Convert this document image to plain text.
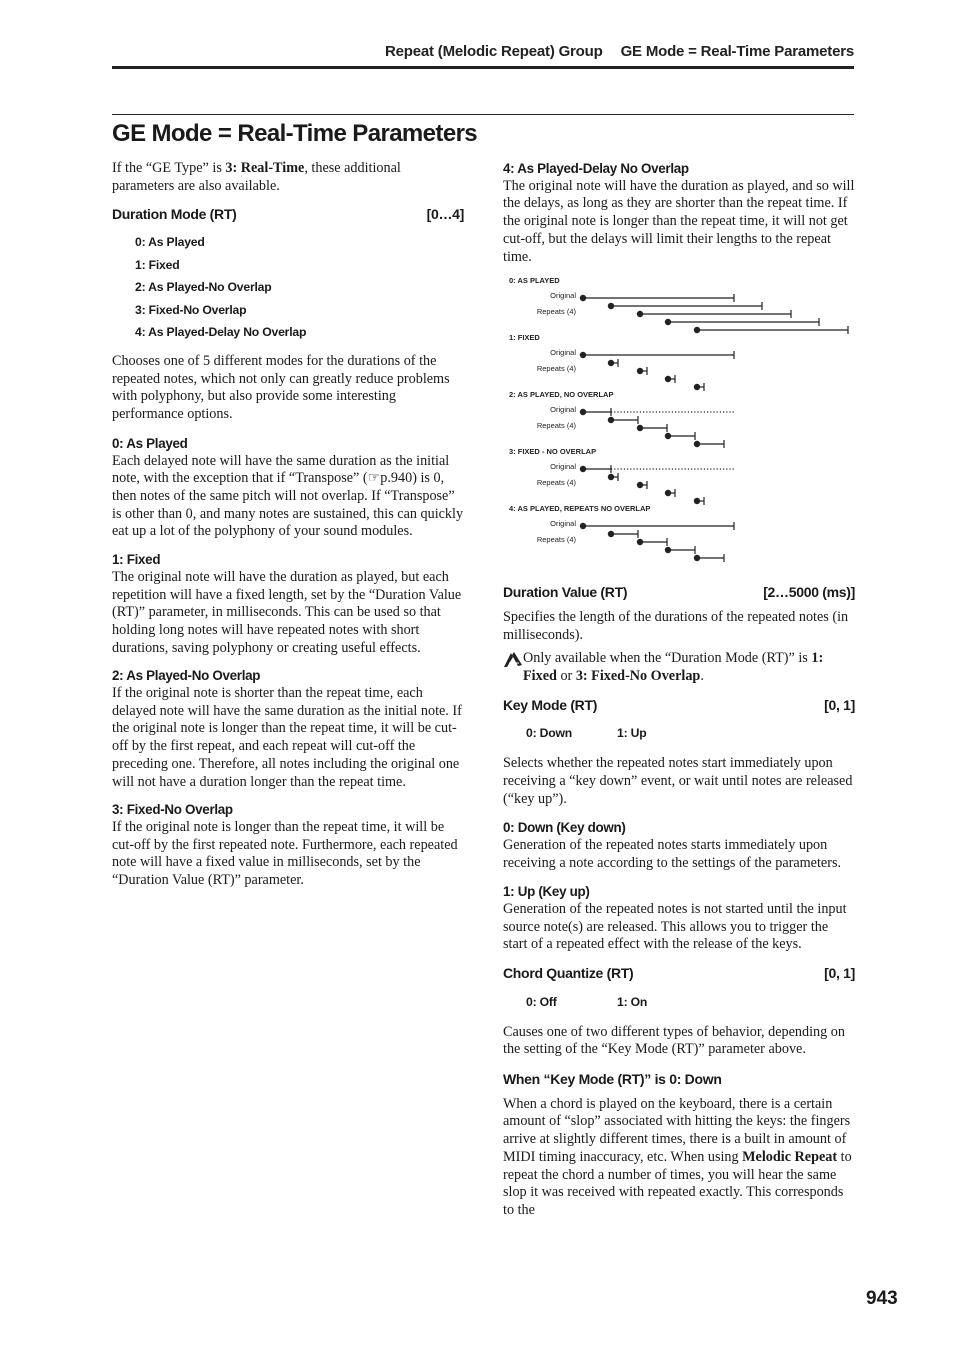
Repeat (Melodic Repeat) Group GE Mode = Real-Time Parameters
GE Mode = Real-Time Parameters

If the “GE Type” is 3: Real-Time, these additional parameters are also available.

Duration Mode (RT)	[0…4]
0: As Played
1: Fixed
2: As Played-No Overlap
3: Fixed-No Overlap
4: As Played-Delay No Overlap

Chooses one of 5 different modes for the durations of the repeated notes, which not only can greatly reduce problems with polyphony, but also provide some interesting performance options.

0: As Played

Each delayed note will have the same duration as the initial note, with the exception that if “Transpose” (☞p.940) is 0, then notes of the same pitch will not overlap. If “Transpose” is other than 0, and many notes are sustained, this can quickly eat up a lot of the polyphony of your sound modules.

1: Fixed

The original note will have the duration as played, but each repetition will have a fixed length, set by the “Duration Value (RT)” parameter, in milliseconds. This can be used so that holding long notes will have repeated notes with short durations, saving polyphony or creating useful effects.

2: As Played-No Overlap

If the original note is shorter than the repeat time, each delayed note will have the same duration as the initial note. If the original note is longer than the repeat time, it will be cut-off by the first repeat, and each repeat will cut-off the preceding one. Therefore, all notes including the original one will not have a duration longer than the repeat time.

3: Fixed-No Overlap

If the original note is longer than the repeat time, it will be cut-off by the first repeated note. Furthermore, each repeated note will have a fixed value in milliseconds, set by the “Duration Value (RT)” parameter.

4: As Played-Delay No Overlap

The original note will have the duration as played, and so will the delays, as long as they are shorter than the repeat time. If the original note is longer than the repeat time, it will not get cut-off, but the delays will limit their lengths to the repeat time.

0: AS PLAYED
Original
Repeats (4)
1: FIXED
Original
Repeats (4)
2: AS PLAYED, NO OVERLAP
Original
Repeats (4)
3: FIXED - NO OVERLAP
Original
Repeats (4)
4: AS PLAYED, REPEATS NO OVERLAP
Original
Repeats (4)
Duration Value (RT)	[2…5000 (ms)]

Specifies the length of the durations of the repeated notes (in milliseconds).

Only available when the “Duration Mode (RT)” is 1: Fixed or 3: Fixed-No Overlap.
Key Mode (RT)	[0, 1]
0: Down	1: Up

Selects whether the repeated notes start immediately upon receiving a “key down” event, or wait until notes are released (“key up”).

0: Down (Key down)

Generation of the repeated notes starts immediately upon receiving a note according to the settings of the parameters.

1: Up (Key up)

Generation of the repeated notes is not started until the input source note(s) are released. This allows you to trigger the start of a repeated effect with the release of the keys.

Chord Quantize (RT)	[0, 1]
0: Off	1: On

Causes one of two different types of behavior, depending on the setting of the “Key Mode (RT)” parameter above.

When “Key Mode (RT)” is 0: Down

When a chord is played on the keyboard, there is a certain amount of “slop” associated with hitting the keys: the fingers arrive at slightly different times, there is a built in amount of MIDI timing inaccuracy, etc. When using Melodic Repeat to repeat the chord a number of times, you will hear the same slop it was received with repeated exactly. This corresponds to the

943
